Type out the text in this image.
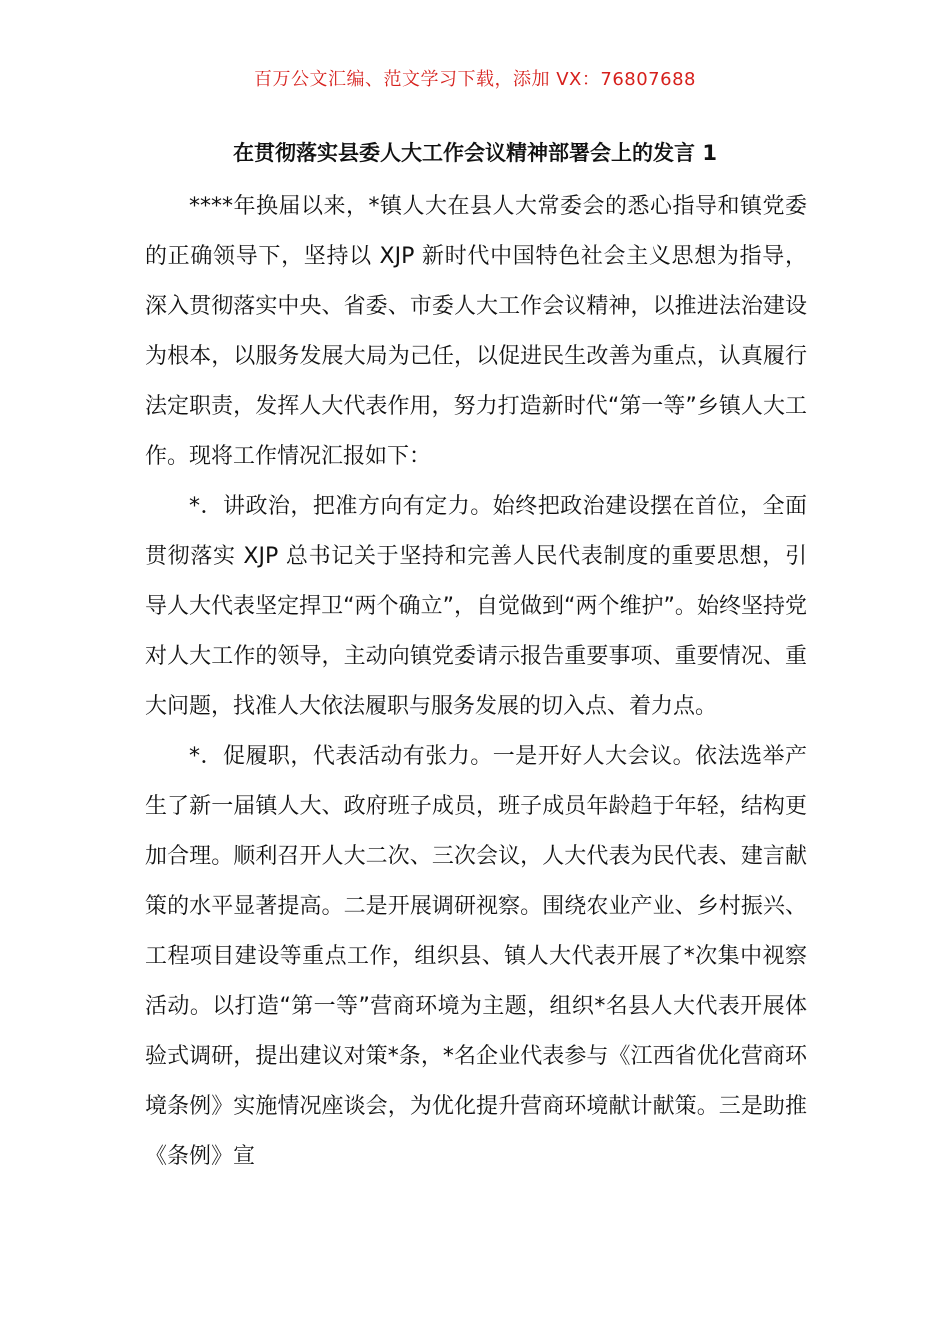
百万公文汇编、范文学习下载，添加 VX：76807688
在贯彻落实县委人大工作会议精神部署会上的发言 1

****年换届以来，*镇人大在县人大常委会的悉心指导和镇党委的正确领导下，坚持以 XJP 新时代中国特色社会主义思想为指导，深入贯彻落实中央、省委、市委人大工作会议精神，以推进法治建设为根本，以服务发展大局为己任，以促进民生改善为重点，认真履行法定职责，发挥人大代表作用，努力打造新时代“第一等”乡镇人大工作。现将工作情况汇报如下：

*．讲政治，把准方向有定力。始终把政治建设摆在首位，全面贯彻落实 XJP 总书记关于坚持和完善人民代表制度的重要思想，引导人大代表坚定捍卫“两个确立”，自觉做到“两个维护”。始终坚持党对人大工作的领导，主动向镇党委请示报告重要事项、重要情况、重大问题，找准人大依法履职与服务发展的切入点、着力点。

*．促履职，代表活动有张力。一是开好人大会议。依法选举产生了新一届镇人大、政府班子成员，班子成员年龄趋于年轻，结构更加合理。顺利召开人大二次、三次会议，人大代表为民代表、建言献策的水平显著提高。二是开展调研视察。围绕农业产业、乡村振兴、工程项目建设等重点工作，组织县、镇人大代表开展了*次集中视察活动。以打造“第一等”营商环境为主题，组织*名县人大代表开展体验式调研，提出建议对策*条，*名企业代表参与《江西省优化营商环境条例》实施情况座谈会，为优化提升营商环境献计献策。三是助推《条例》宣
